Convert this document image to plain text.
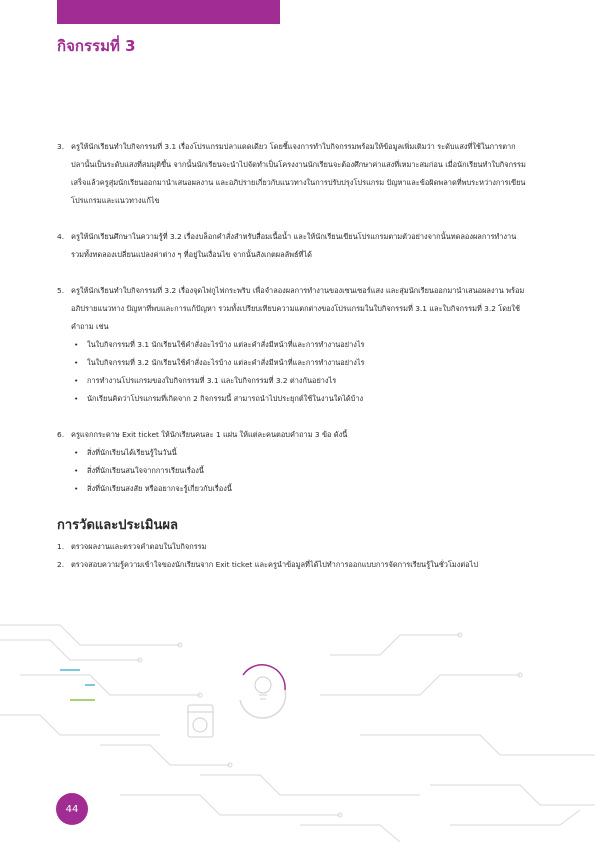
กิจกรรมที่ 3
3. ครูให้นักเรียนทำใบกิจกรรมที่ 3.1 เรื่องโปรแกรมปลาแดดเดียว โดยชี้แจงการทำใบกิจกรรมพร้อมให้ข้อมูลเพิ่มเติมว่า ระดับแสงที่ใช้ในการตากปลานั้นเป็นระดับแสงที่สมมุติขึ้น จากนั้นนักเรียนจะนำไปจัดทำเป็นโครงงานนักเรียนจะต้องศึกษาค่าแสงที่เหมาะสมก่อน เมื่อนักเรียนทำใบกิจกรรมเสร็จแล้วครูสุ่มนักเรียนออกมานำเสนอผลงาน และอภิปรายเกี่ยวกับแนวทางในการปรับปรุงโปรแกรม ปัญหาและข้อผิดพลาดที่พบระหว่างการเขียนโปรแกรมและแนวทางแก้ไข
4. ครูให้นักเรียนศึกษาในความรู้ที่ 3.2 เรื่องบล็อกคำสั่งสำหรับสื่อมเนื้อน้ำ และให้นักเรียนเขียนโปรแกรมตามตัวอย่างจากนั้นทดลองผลการทำงาน รวมทั้งทดลองเปลี่ยนแปลงค่าต่าง ๆ ที่อยู่ในเงื่อนไข จากนั้นสังเกตผลลัพธ์ที่ได้
5. ครูให้นักเรียนทำใบกิจกรรมที่ 3.2 เรื่องจุดไฟกูไฟกระพริบ เพื่อจำลองผลการทำงานของเซนเซอร์แสง และสุ่มนักเรียนออกมานำเสนอผลงาน พร้อมอภิปรายแนวทาง ปัญหาที่พบและการแก้ปัญหา รวมทั้งเปรียบเทียบความแตกต่างของโปรแกรมในใบกิจกรรมที่ 3.1 และใบกิจกรรมที่ 3.2 โดยใช้คำถาม เช่น
• ในใบกิจกรรมที่ 3.1 นักเรียนใช้คำสั่งอะไรบ้าง แต่ละคำสั่งมีหน้าที่และการทำงานอย่างไร
• ในใบกิจกรรมที่ 3.2 นักเรียนใช้คำสั่งอะไรบ้าง แต่ละคำสั่งมีหน้าที่และการทำงานอย่างไร
• การทำงานโปรแกรมของใบกิจกรรมที่ 3.1 และใบกิจกรรมที่ 3.2 ต่างกันอย่างไร
• นักเรียนคิดว่าโปรแกรมที่เกิดจาก 2 กิจกรรมนี้ สามารถนำไปประยุกต์ใช้ในงานใดได้บ้าง
6. ครูแจกกระดาษ Exit ticket ให้นักเรียนคนละ 1 แผ่น ให้แต่ละคนตอบคำถาม 3 ข้อ ดังนี้
• สิ่งที่นักเรียนได้เรียนรู้ในวันนี้
• สิ่งที่นักเรียนสนใจจากการเรียนเรื่องนี้
• สิ่งที่นักเรียนสงสัย หรืออยากจะรู้เกี่ยวกับเรื่องนี้
การวัดและประเมินผล
1. ตรวจผลงานและตรวจคำตอบในใบกิจกรรม
2. ตรวจสอบความรู้ความเข้าใจของนักเรียนจาก Exit ticket และครูนำข้อมูลที่ได้ไปทำการออกแบบการจัดการเรียนรู้ในชั่วโมงต่อไป
44
